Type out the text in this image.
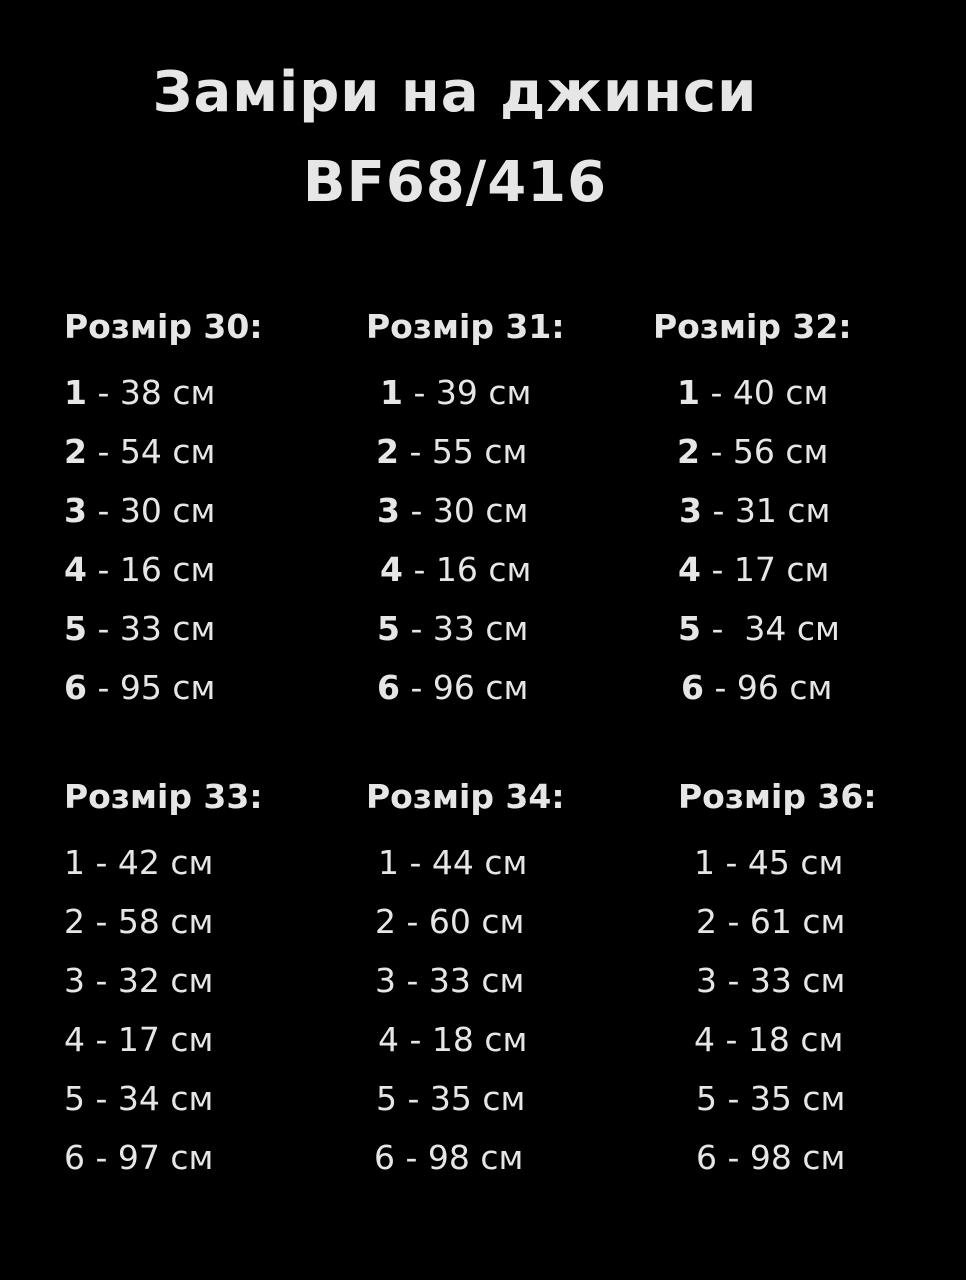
Заміри на джинси
BF68/416
Розмір 30:
1 - 38 см
2 - 54 см
3 - 30 см
4 - 16 см
5 - 33 см
6 - 95 см
Розмір 31:
1 - 39 см
2 - 55 см
3 - 30 см
4 - 16 см
5 - 33 см
6 - 96 см
Розмір 32:
1 - 40 см
2 - 56 см
3 - 31 см
4 - 17 см
5 -  34 см
6 - 96 см
Розмір 33:
1 - 42 см
2 - 58 см
3 - 32 см
4 - 17 см
5 - 34 см
6 - 97 см
Розмір 34:
1 - 44 см
2 - 60 см
3 - 33 см
4 - 18 см
5 - 35 см
6 - 98 см
Розмір 36:
1 - 45 см
2 - 61 см
3 - 33 см
4 - 18 см
5 - 35 см
6 - 98 см
